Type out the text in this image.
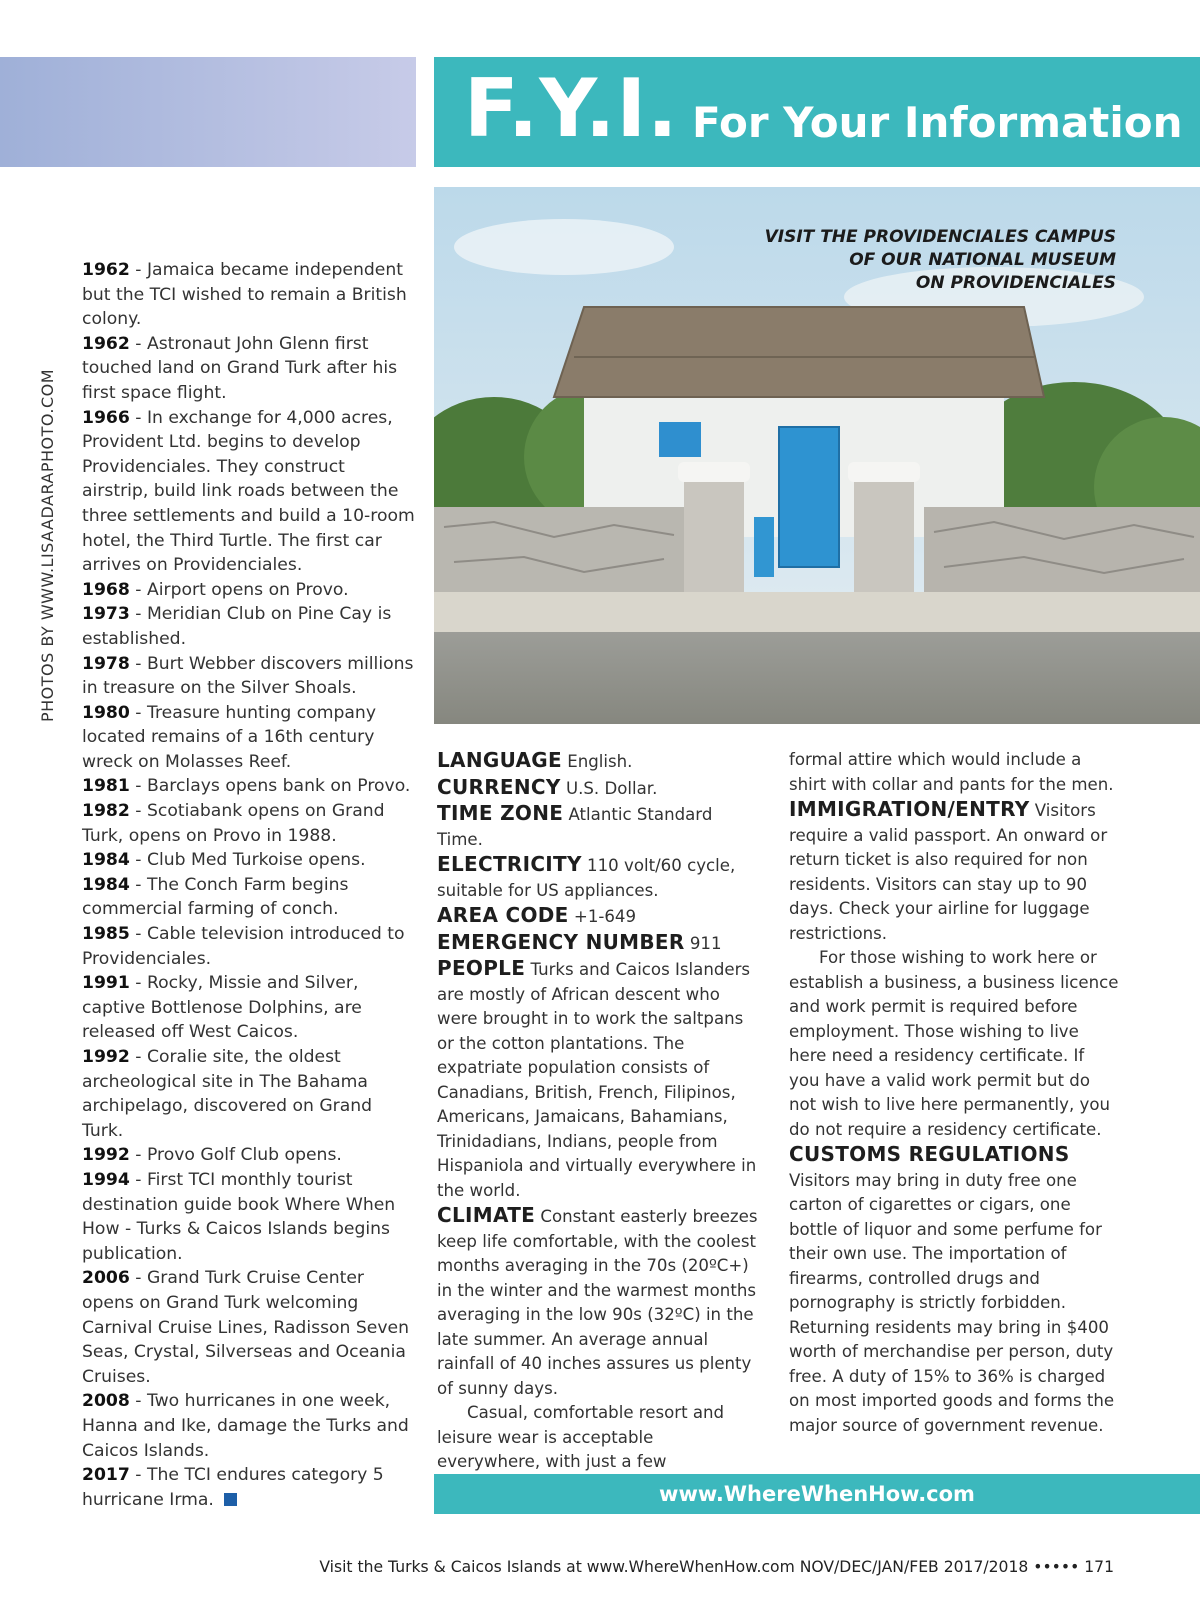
F.Y.I. For Your Information
PHOTOS BY WWW.LISAADARAPHOTO.COM

1962 - Jamaica became independent but the TCI wished to remain a British colony.

1962 - Astronaut John Glenn first touched land on Grand Turk after his first space flight.

1966 - In exchange for 4,000 acres, Provident Ltd. begins to develop Providenciales. They construct airstrip, build link roads between the three settlements and build a 10-room hotel, the Third Turtle. The first car arrives on Providenciales.

1968 - Airport opens on Provo.

1973 - Meridian Club on Pine Cay is established.

1978 - Burt Webber discovers millions in treasure on the Silver Shoals.

1980 - Treasure hunting company located remains of a 16th century wreck on Molasses Reef.

1981 - Barclays opens bank on Provo.

1982 - Scotiabank opens on Grand Turk, opens on Provo in 1988.

1984 - Club Med Turkoise opens.

1984 - The Conch Farm begins commercial farming of conch.

1985 - Cable television introduced to Providenciales.

1991 - Rocky, Missie and Silver, captive Bottlenose Dolphins, are released off West Caicos.

1992 - Coralie site, the oldest archeological site in The Bahama archipelago, discovered on Grand Turk.

1992 - Provo Golf Club opens.

1994 - First TCI monthly tourist destination guide book Where When How - Turks & Caicos Islands begins publication.

2006 - Grand Turk Cruise Center opens on Grand Turk welcoming Carnival Cruise Lines, Radisson Seven Seas, Crystal, Silverseas and Oceania Cruises.

2008 - Two hurricanes in one week, Hanna and Ike, damage the Turks and Caicos Islands.

2017 - The TCI endures category 5 hurricane Irma.

VISIT THE PROVIDENCIALES CAMPUS
OF OUR NATIONAL MUSEUM
ON PROVIDENCIALES

LANGUAGE English.

CURRENCY U.S. Dollar.

TIME ZONE Atlantic Standard Time.

ELECTRICITY 110 volt/60 cycle, suitable for US appliances.

AREA CODE +1-649

EMERGENCY NUMBER 911

PEOPLE Turks and Caicos Islanders are mostly of African descent who were brought in to work the saltpans or the cotton plantations. The expatriate population consists of Canadians, British, French, Filipinos, Americans, Jamaicans, Bahamians, Trinidadians, Indians, people from Hispaniola and virtually everywhere in the world.

CLIMATE Constant easterly breezes keep life comfortable, with the coolest months averaging in the 70s (20ºC+) in the winter and the warmest months averaging in the low 90s (32ºC) in the late summer. An average annual rainfall of 40 inches assures us plenty of sunny days.

Casual, comfortable resort and leisure wear is acceptable everywhere, with just a few

formal attire which would include a shirt with collar and pants for the men.

IMMIGRATION/ENTRY Visitors require a valid passport. An onward or return ticket is also required for non residents. Visitors can stay up to 90 days. Check your airline for luggage restrictions.

For those wishing to work here or establish a business, a business licence and work permit is required before employment. Those wishing to live here need a residency certificate. If you have a valid work permit but do not wish to live here permanently, you do not require a residency certificate.

CUSTOMS REGULATIONS

Visitors may bring in duty free one carton of cigarettes or cigars, one bottle of liquor and some perfume for their own use. The importation of firearms, controlled drugs and pornography is strictly forbidden. Returning residents may bring in $400 worth of merchandise per person, duty free. A duty of 15% to 36% is charged on most imported goods and forms the major source of government revenue.

www.WhereWhenHow.com
Visit the Turks & Caicos Islands at www.WhereWhenHow.com NOV/DEC/JAN/FEB 2017/2018 ••••• 171
